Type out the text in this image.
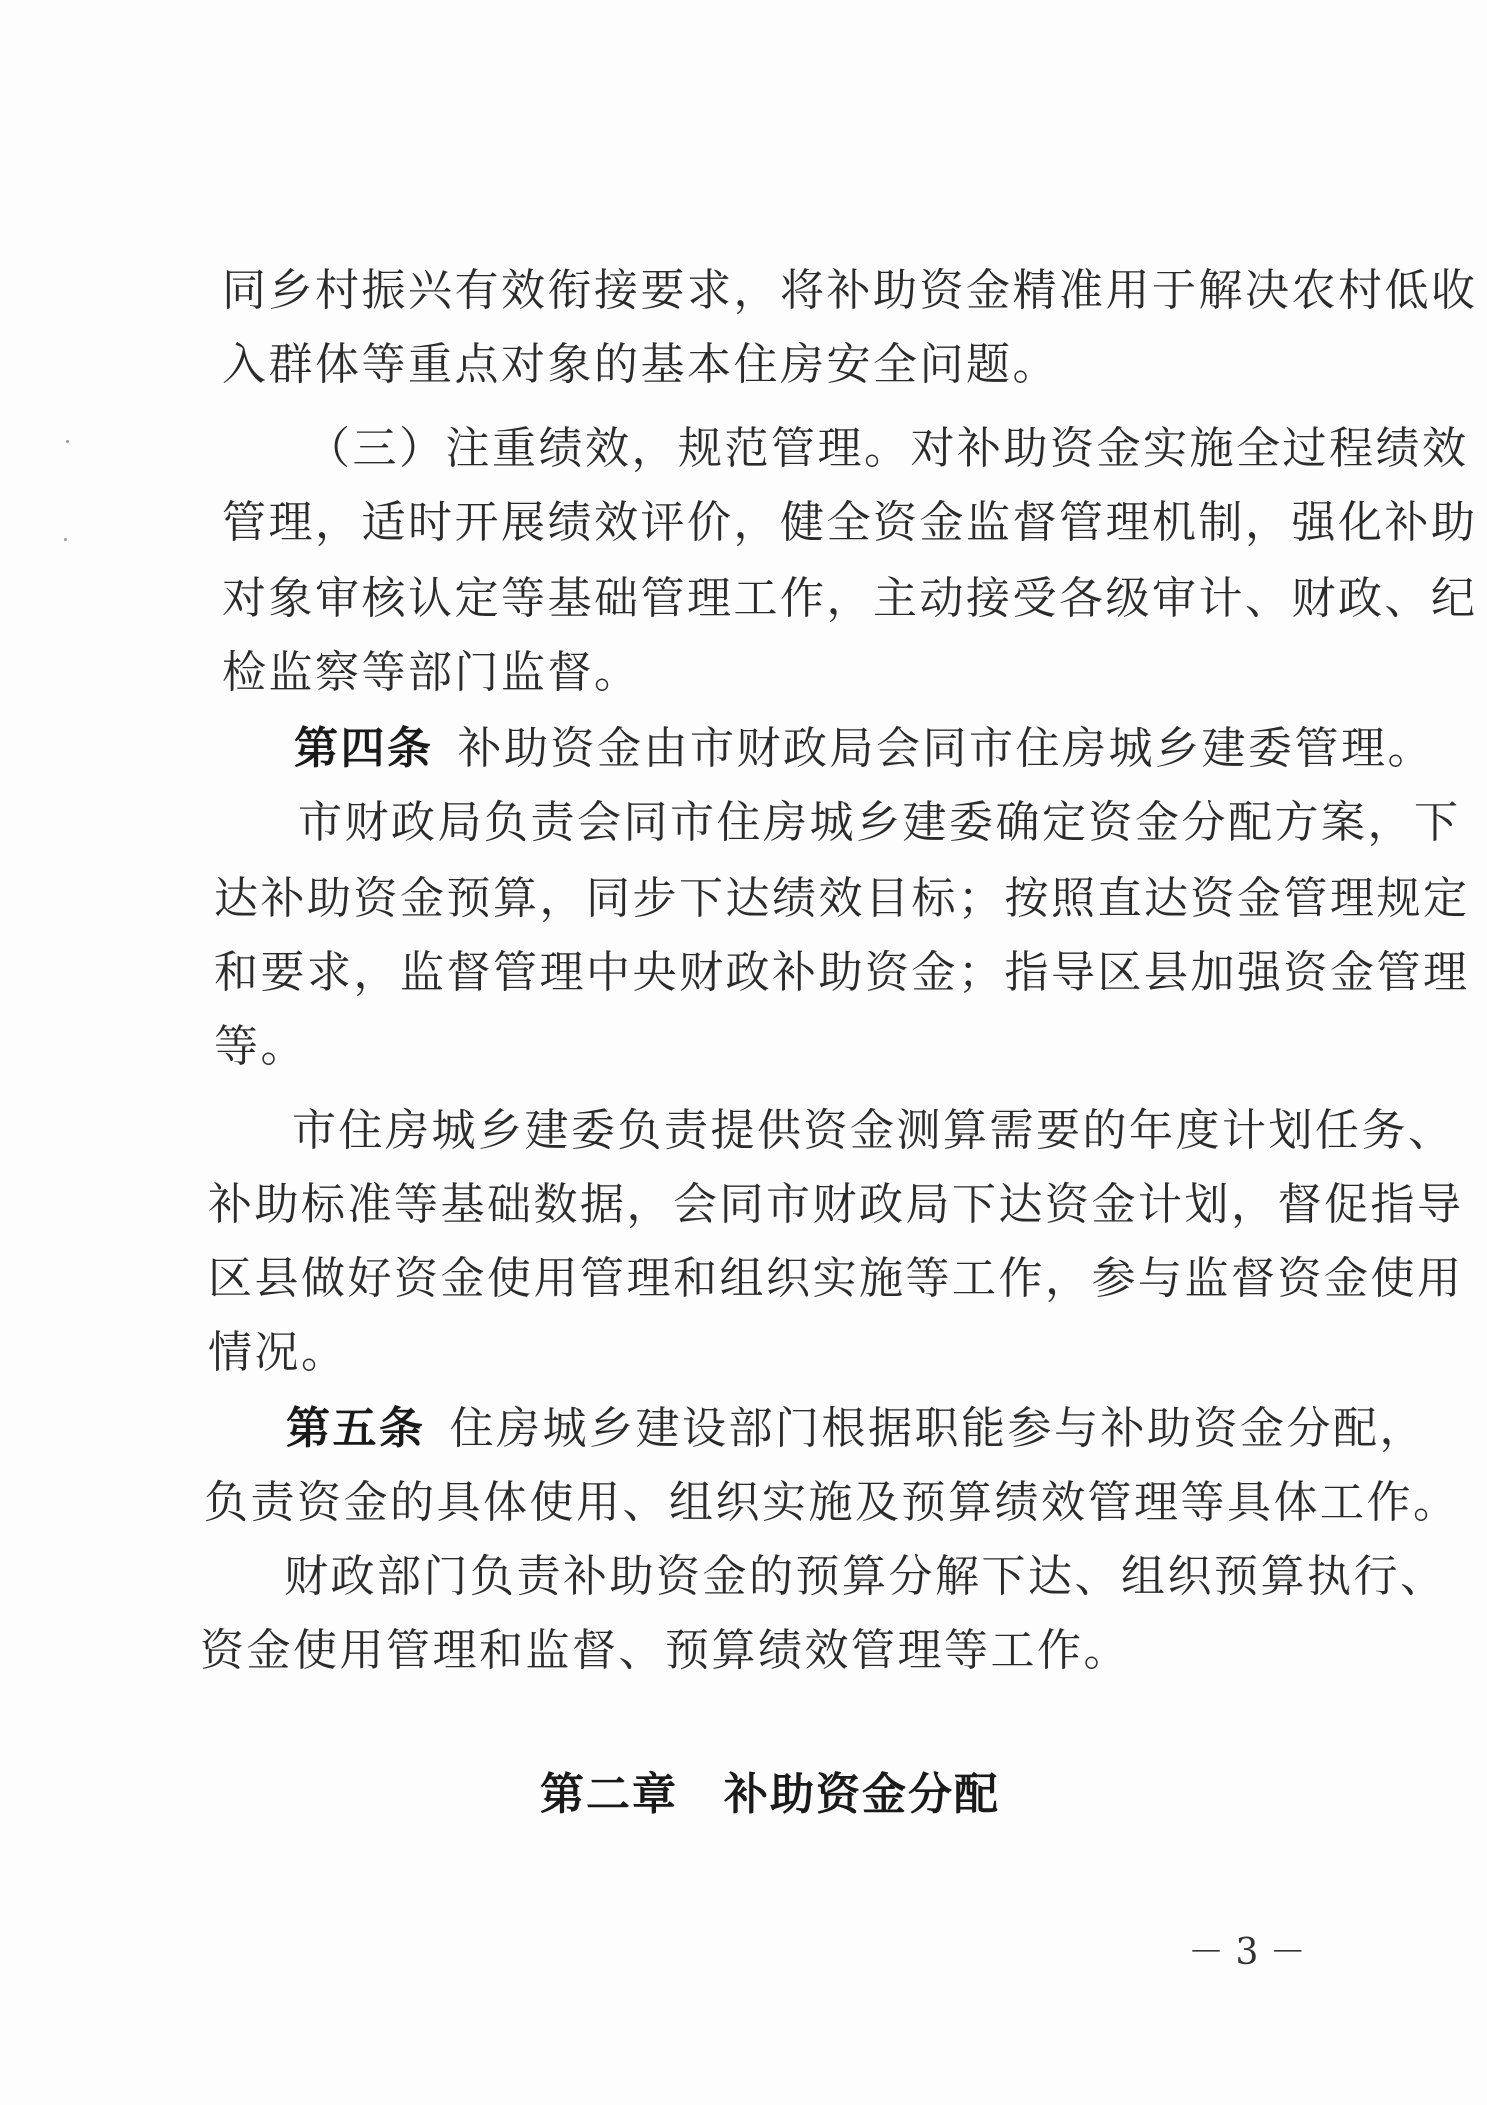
同乡村振兴有效衔接要求，将补助资金精准用于解决农村低收
入群体等重点对象的基本住房安全问题。
（三）注重绩效，规范管理。对补助资金实施全过程绩效
管理，适时开展绩效评价，健全资金监督管理机制，强化补助
对象审核认定等基础管理工作，主动接受各级审计、财政、纪
检监察等部门监督。
第四条 补助资金由市财政局会同市住房城乡建委管理。
市财政局负责会同市住房城乡建委确定资金分配方案，下
达补助资金预算，同步下达绩效目标；按照直达资金管理规定
和要求，监督管理中央财政补助资金；指导区县加强资金管理
等。
市住房城乡建委负责提供资金测算需要的年度计划任务、
补助标准等基础数据，会同市财政局下达资金计划，督促指导
区县做好资金使用管理和组织实施等工作，参与监督资金使用
情况。
第五条 住房城乡建设部门根据职能参与补助资金分配，
负责资金的具体使用、组织实施及预算绩效管理等具体工作。
财政部门负责补助资金的预算分解下达、组织预算执行、
资金使用管理和监督、预算绩效管理等工作。
第二章　补助资金分配
－ 3 －
